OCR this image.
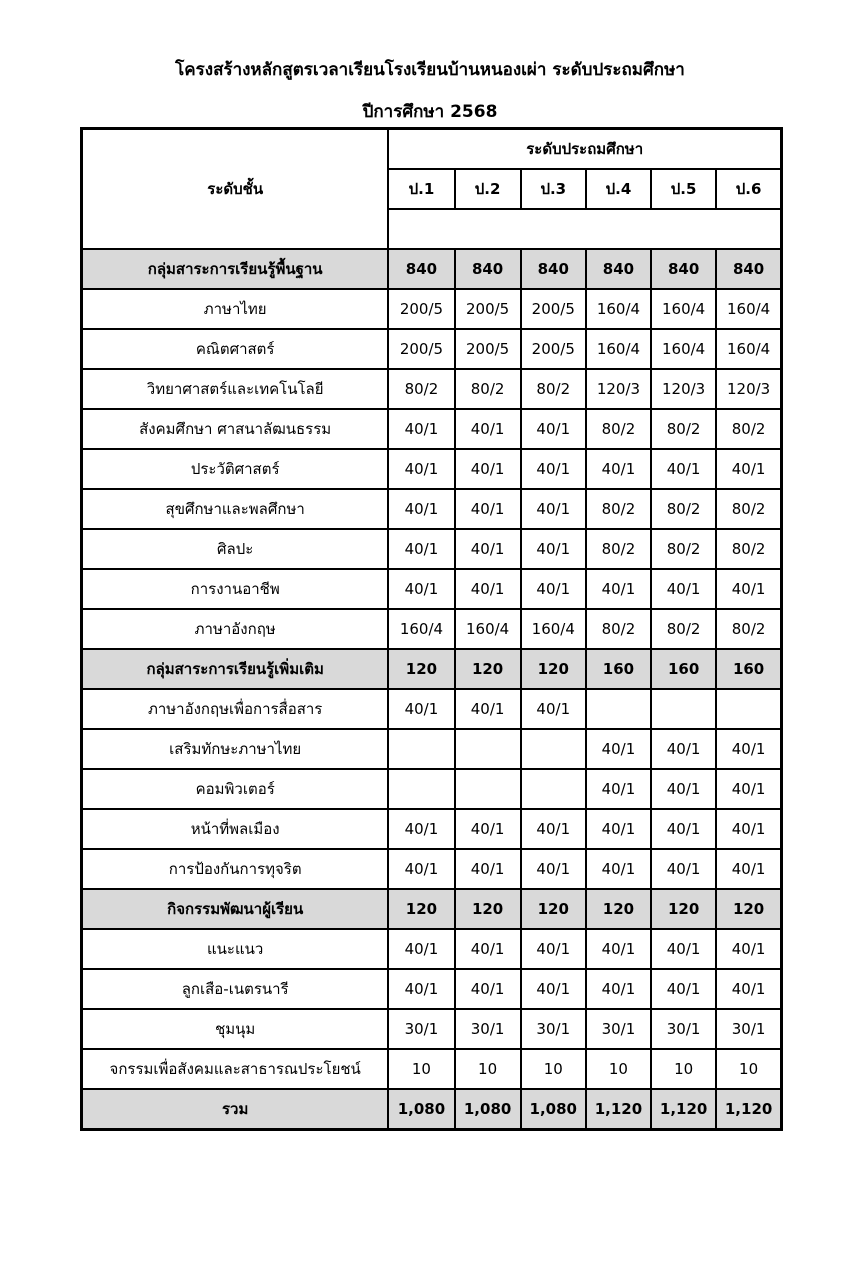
โครงสร้างหลักสูตรเวลาเรียนโรงเรียนบ้านหนองเผ่า ระดับประถมศึกษา
ปีการศึกษา 2568
ระดับชั้น	ระดับประถมศึกษา					
	ป.1	ป.2	ป.3	ป.4	ป.5	ป.6

กลุ่มสาระการเรียนรู้พื้นฐาน	840	840	840	840	840	840
ภาษาไทย	200/5	200/5	200/5	160/4	160/4	160/4
คณิตศาสตร์	200/5	200/5	200/5	160/4	160/4	160/4
วิทยาศาสตร์และเทคโนโลยี	80/2	80/2	80/2	120/3	120/3	120/3
สังคมศึกษา ศาสนาลัฒนธรรม	40/1	40/1	40/1	80/2	80/2	80/2
ประวัติศาสตร์	40/1	40/1	40/1	40/1	40/1	40/1
สุขศึกษาและพลศึกษา	40/1	40/1	40/1	80/2	80/2	80/2
ศิลปะ	40/1	40/1	40/1	80/2	80/2	80/2
การงานอาชีพ	40/1	40/1	40/1	40/1	40/1	40/1
ภาษาอังกฤษ	160/4	160/4	160/4	80/2	80/2	80/2
กลุ่มสาระการเรียนรู้เพิ่มเติม	120	120	120	160	160	160
ภาษาอังกฤษเพื่อการสื่อสาร	40/1	40/1	40/1			
เสริมทักษะภาษาไทย				40/1	40/1	40/1
คอมพิวเตอร์				40/1	40/1	40/1
หน้าที่พลเมือง	40/1	40/1	40/1	40/1	40/1	40/1
การป้องกันการทุจริต	40/1	40/1	40/1	40/1	40/1	40/1
กิจกรรมพัฒนาผู้เรียน	120	120	120	120	120	120
แนะแนว	40/1	40/1	40/1	40/1	40/1	40/1
ลูกเสือ-เนตรนารี	40/1	40/1	40/1	40/1	40/1	40/1
ชุมนุม	30/1	30/1	30/1	30/1	30/1	30/1
จกรรมเพื่อสังคมและสาธารณประโยชน์	10	10	10	10	10	10
รวม	1,080	1,080	1,080	1,120	1,120	1,120
